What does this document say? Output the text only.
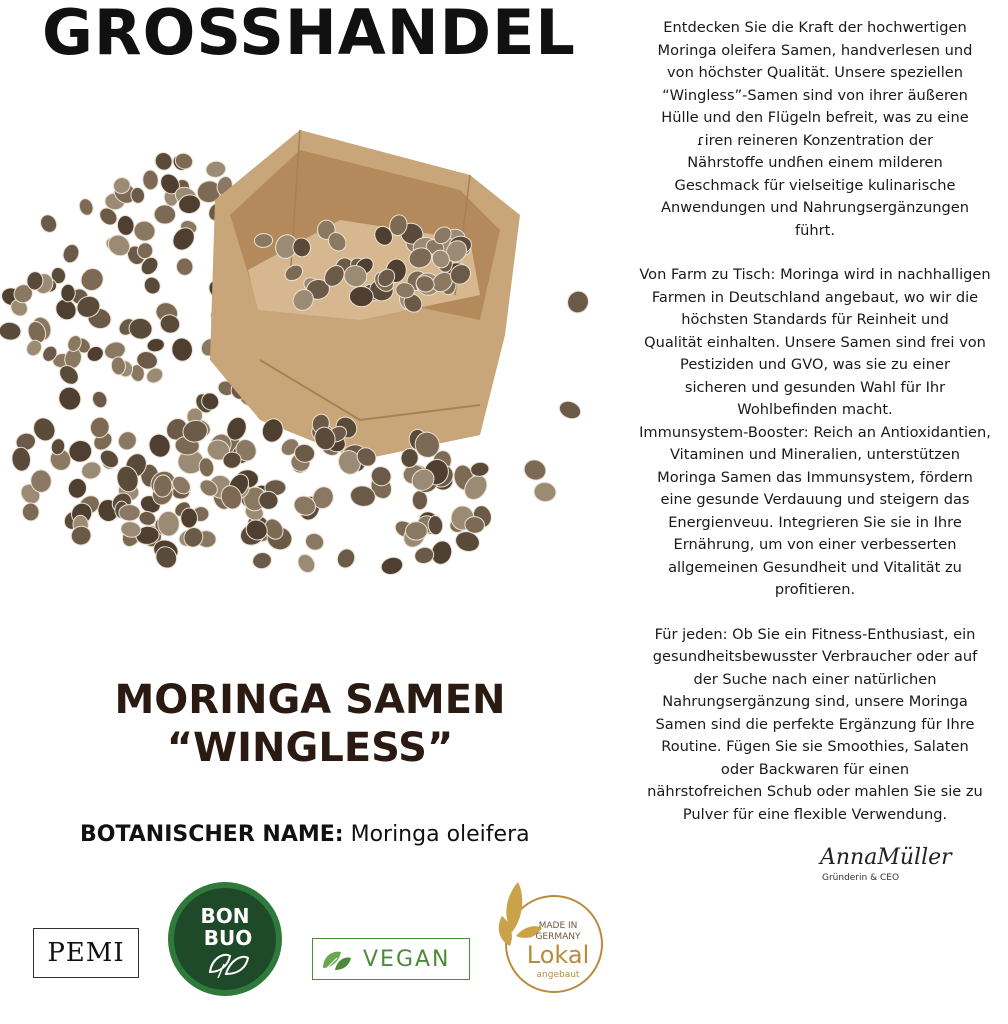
GROSSHANDEL
MORINGA SAMEN
“WINGLESS”
BOTANISCHER NAME: Moringa oleifera

Entdecken Sie die Kraft der hochwertigen

Moringa oleifera Samen, handverlesen und

von höchster Qualität. Unsere speziellen

“Wingless”-Samen sind von ihrer äußeren

Hülle und den Flügeln befreit, was zu eine

ɾiren reineren Konzentration der

Nährstoffe undɦen einem milderen

Geschmack für vielseitige kulinarische

Anwendungen und Nahrungsergänzungen

führt.

Von Farm zu Tisch: Moringa wird in nachhalligen

Farmen in Deutschland angebaut, wo wir die

höchsten Standards für Reinheit und

Qualität einhalten. Unsere Samen sind frei von

Pestiziden und GVO, was sie zu einer

sicheren und gesunden Wahl für Ihr

Wohlbefinden macht.

Immunsystem-Booster: Reich an Antioxidantien,

Vitaminen und Mineralien, unterstützen

Moringa Samen das Immunsystem, fördern

eine gesunde Verdauung und steigern das

Energienveuu. Integrieren Sie sie in Ihre

Ernährung, um von einer verbesserten

allgemeinen Gesundheit und Vitalität zu

profitieren.

Für jeden: Ob Sie ein Fitness-Enthusiast, ein

gesundheitsbewusster Verbraucher oder auf

der Suche nach einer natürlichen

Nahrungsergänzung sind, unsere Moringa

Samen sind die perfekte Ergänzung für Ihre

Routine. Fügen Sie sie Smoothies, Salaten

oder Backwaren für einen

nährstofreichen Schub oder mahlen Sie sie zu

Pulver für eine flexible Verwendung.

AnnaMüller
Gründerin & CEO
PEMI
BON
BUO
VEGAN
MADE IN
GERMANY
Lokal
angebaut
